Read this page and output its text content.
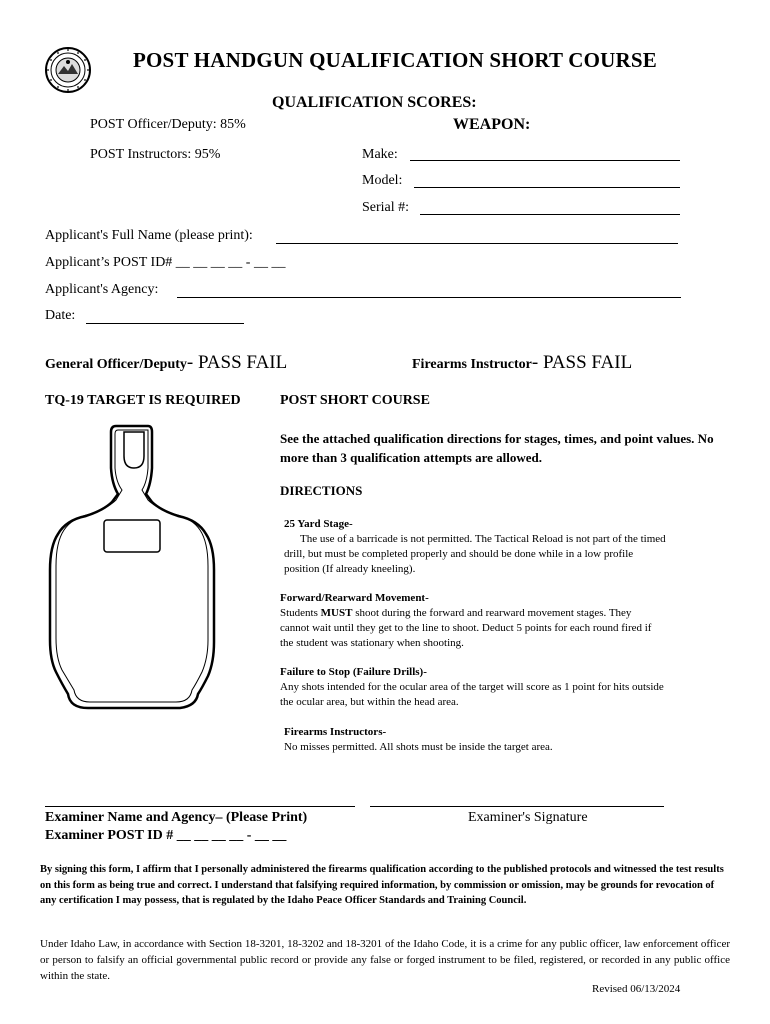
POST HANDGUN QUALIFICATION SHORT COURSE
QUALIFICATION SCORES:
POST Officer/Deputy: 85%
POST Instructors: 95%
WEAPON:
Make:
Model:
Serial #:
Applicant's Full Name (please print):
Applicant’s POST ID# __ __ __ __ - __ __
Applicant's Agency:
Date:
General Officer/Deputy- PASS FAIL	Firearms Instructor- PASS FAIL
TQ-19 TARGET IS REQUIRED	POST SHORT COURSE
See the attached qualification directions for stages, times, and point values. No more than 3 qualification attempts are allowed.
DIRECTIONS
25 Yard Stage-
The use of a barricade is not permitted. The Tactical Reload is not part of the timed
drill, but must be completed properly and should be done while in a low profile
position (If already kneeling).
Forward/Rearward Movement-
Students MUST shoot during the forward and rearward movement stages. They
cannot wait until they get to the line to shoot. Deduct 5 points for each round fired if
the student was stationary when shooting.
Failure to Stop (Failure Drills)-
Any shots intended for the ocular area of the target will score as 1 point for hits outside
the ocular area, but within the head area.
Firearms Instructors-
No misses permitted. All shots must be inside the target area.
Examiner Name and Agency– (Please Print)	Examiner's Signature
Examiner POST ID # __ __ __ __ - __ __
By signing this form, I affirm that I personally administered the firearms qualification according to the published protocols and witnessed the test results on this form as being true and correct. I understand that falsifying required information, by commission or omission, may be grounds for revocation of any certification I may possess, that is regulated by the Idaho Peace Officer Standards and Training Council.
Under Idaho Law, in accordance with Section 18-3201, 18-3202 and 18-3201 of the Idaho Code, it is a crime for any public officer, law enforcement officer or person to falsify an official governmental public record or provide any false or forged instrument to be filed, registered, or recorded in any public office within the state.
Revised 06/13/2024
